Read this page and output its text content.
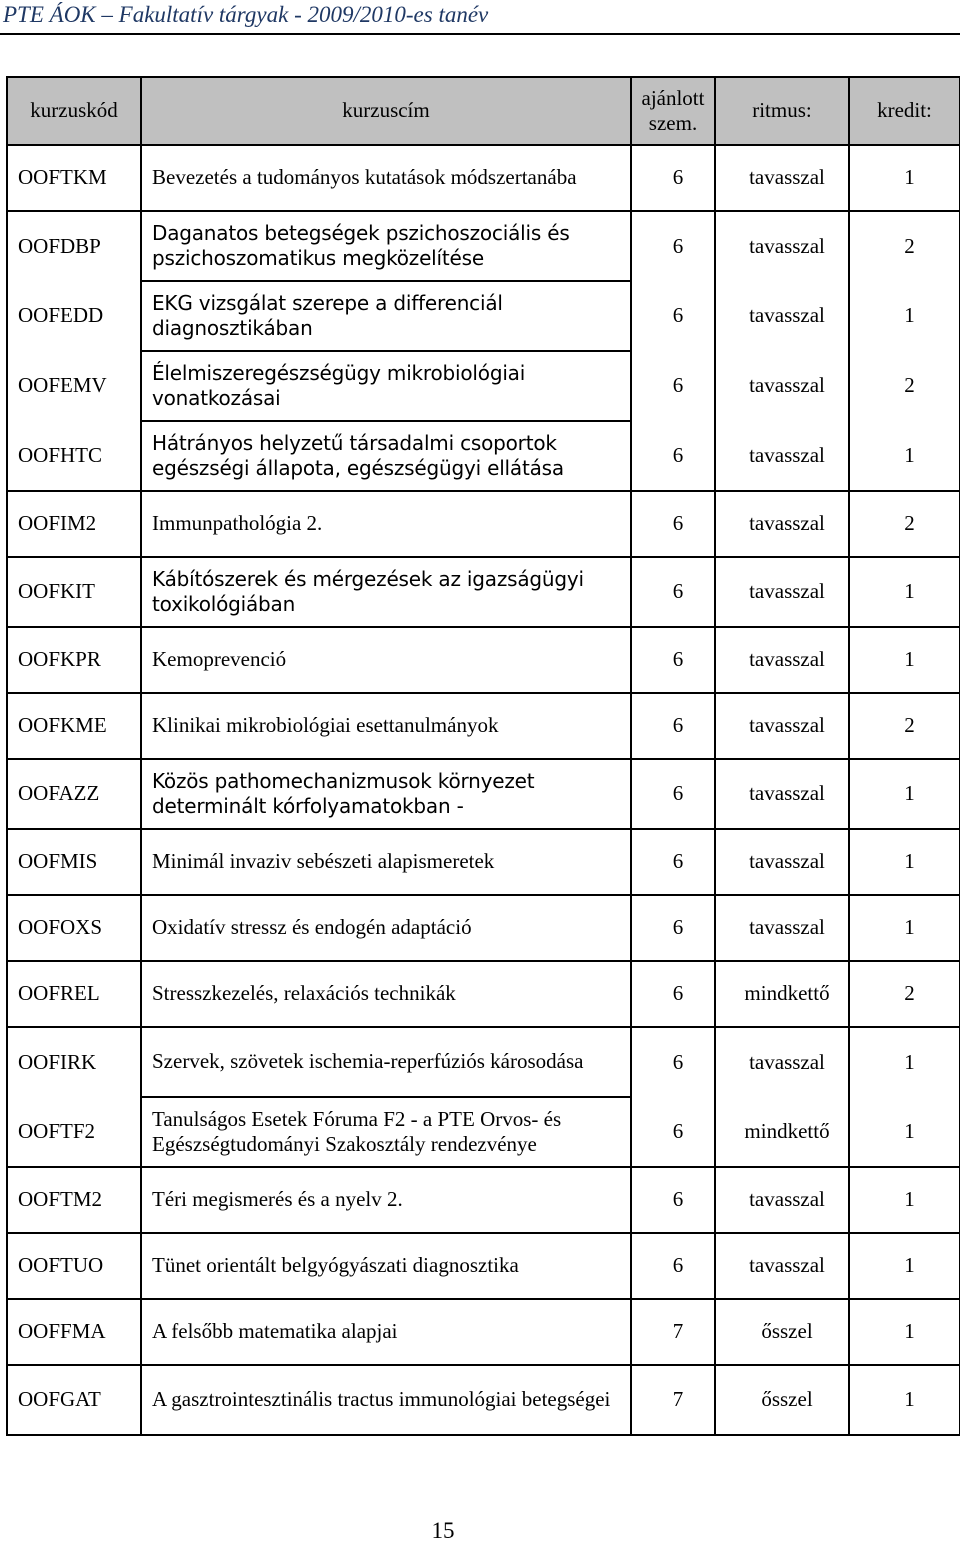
PTE ÁOK – Fakultatív tárgyak - 2009/2010-es tanév
kurzuskód	kurzuscím	ajánlott szem.	ritmus:	kredit:

OOFTKM	Bevezetés a tudományos kutatások módszertanába	6	tavasszal	1
OOFDBP	Daganatos betegségek pszichoszociális és pszichoszomatikus megközelítése	6	tavasszal	2
OOFEDD	EKG vizsgálat szerepe a differenciál diagnosztikában	6	tavasszal	1
OOFEMV	Élelmiszeregészségügy mikrobiológiai vonatkozásai	6	tavasszal	2
OOFHTC	Hátrányos helyzetű társadalmi csoportok egészségi állapota, egészségügyi ellátása	6	tavasszal	1
OOFIM2	Immunpathológia 2.	6	tavasszal	2
OOFKIT	Kábítószerek és mérgezések az igazságügyi toxikológiában	6	tavasszal	1
OOFKPR	Kemoprevenció	6	tavasszal	1
OOFKME	Klinikai mikrobiológiai esettanulmányok	6	tavasszal	2
OOFAZZ	Közös pathomechanizmusok környezet determinált kórfolyamatokban -	6	tavasszal	1
OOFMIS	Minimál invaziv sebészeti alapismeretek	6	tavasszal	1
OOFOXS	Oxidatív stressz és endogén adaptáció	6	tavasszal	1
OOFREL	Stresszkezelés, relaxációs technikák	6	mindkettő	2
OOFIRK	Szervek, szövetek ischemia-reperfúziós károsodása	6	tavasszal	1
OOFTF2	Tanulságos Esetek Fóruma F2 - a PTE Orvos- és Egészségtudományi Szakosztály rendezvénye	6	mindkettő	1
OOFTM2	Téri megismerés és a nyelv 2.	6	tavasszal	1
OOFTUO	Tünet orientált belgyógyászati diagnosztika	6	tavasszal	1
OOFFMA	A felsőbb matematika alapjai	7	ősszel	1
OOFGAT	A gasztrointesztinális tractus immunológiai betegségei	7	ősszel	1
15
